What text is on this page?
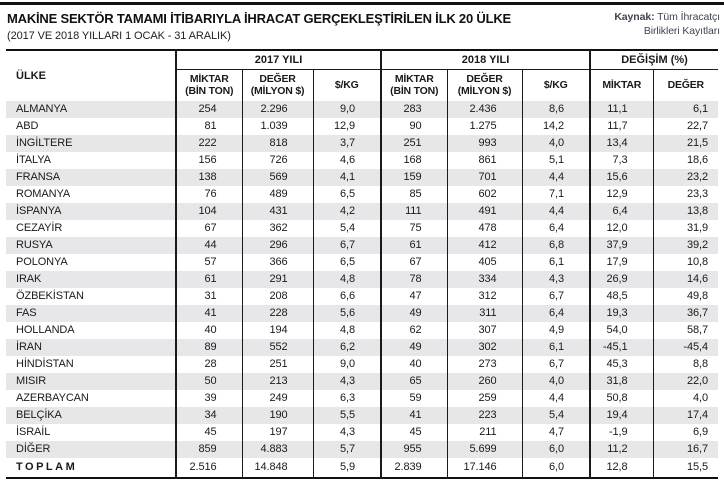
MAKİNE SEKTÖR TAMAMI İTİBARIYLA İHRACAT GERÇEKLEŞTİRİLEN İLK 20 ÜLKE
(2017 VE 2018 YILLARI 1 OCAK - 31 ARALIK)
Kaynak: Tüm İhracatçı Birlikleri Kayıtları
ÜLKE	2017 YILI			2018 YILI			DEĞİŞİM (%)	

	MİKTAR
(BİN TON)	DEĞER
(MİLYON $)	$/KG	MİKTAR
(BİN TON)	DEĞER
(MİLYON $)	$/KG	MİKTAR	DEĞER

ALMANYA	254	2.296	9,0	283	2.436	8,6	11,1	6,1
ABD	81	1.039	12,9	90	1.275	14,2	11,7	22,7
İNGİLTERE	222	818	3,7	251	993	4,0	13,4	21,5
İTALYA	156	726	4,6	168	861	5,1	7,3	18,6
FRANSA	138	569	4,1	159	701	4,4	15,6	23,2
ROMANYA	76	489	6,5	85	602	7,1	12,9	23,3
İSPANYA	104	431	4,2	111	491	4,4	6,4	13,8
CEZAYİR	67	362	5,4	75	478	6,4	12,0	31,9
RUSYA	44	296	6,7	61	412	6,8	37,9	39,2
POLONYA	57	366	6,5	67	405	6,1	17,9	10,8
IRAK	61	291	4,8	78	334	4,3	26,9	14,6
ÖZBEKİSTAN	31	208	6,6	47	312	6,7	48,5	49,8
FAS	41	228	5,6	49	311	6,4	19,3	36,7
HOLLANDA	40	194	4,8	62	307	4,9	54,0	58,7
İRAN	89	552	6,2	49	302	6,1	-45,1	-45,4
HİNDİSTAN	28	251	9,0	40	273	6,7	45,3	8,8
MISIR	50	213	4,3	65	260	4,0	31,8	22,0
AZERBAYCAN	39	249	6,3	59	259	4,4	50,8	4,0
BELÇİKA	34	190	5,5	41	223	5,4	19,4	17,4
İSRAİL	45	197	4,3	45	211	4,7	-1,9	6,9
DİĞER	859	4.883	5,7	955	5.699	6,0	11,2	16,7
TOPLAM	2.516	14.848	5,9	2.839	17.146	6,0	12,8	15,5
